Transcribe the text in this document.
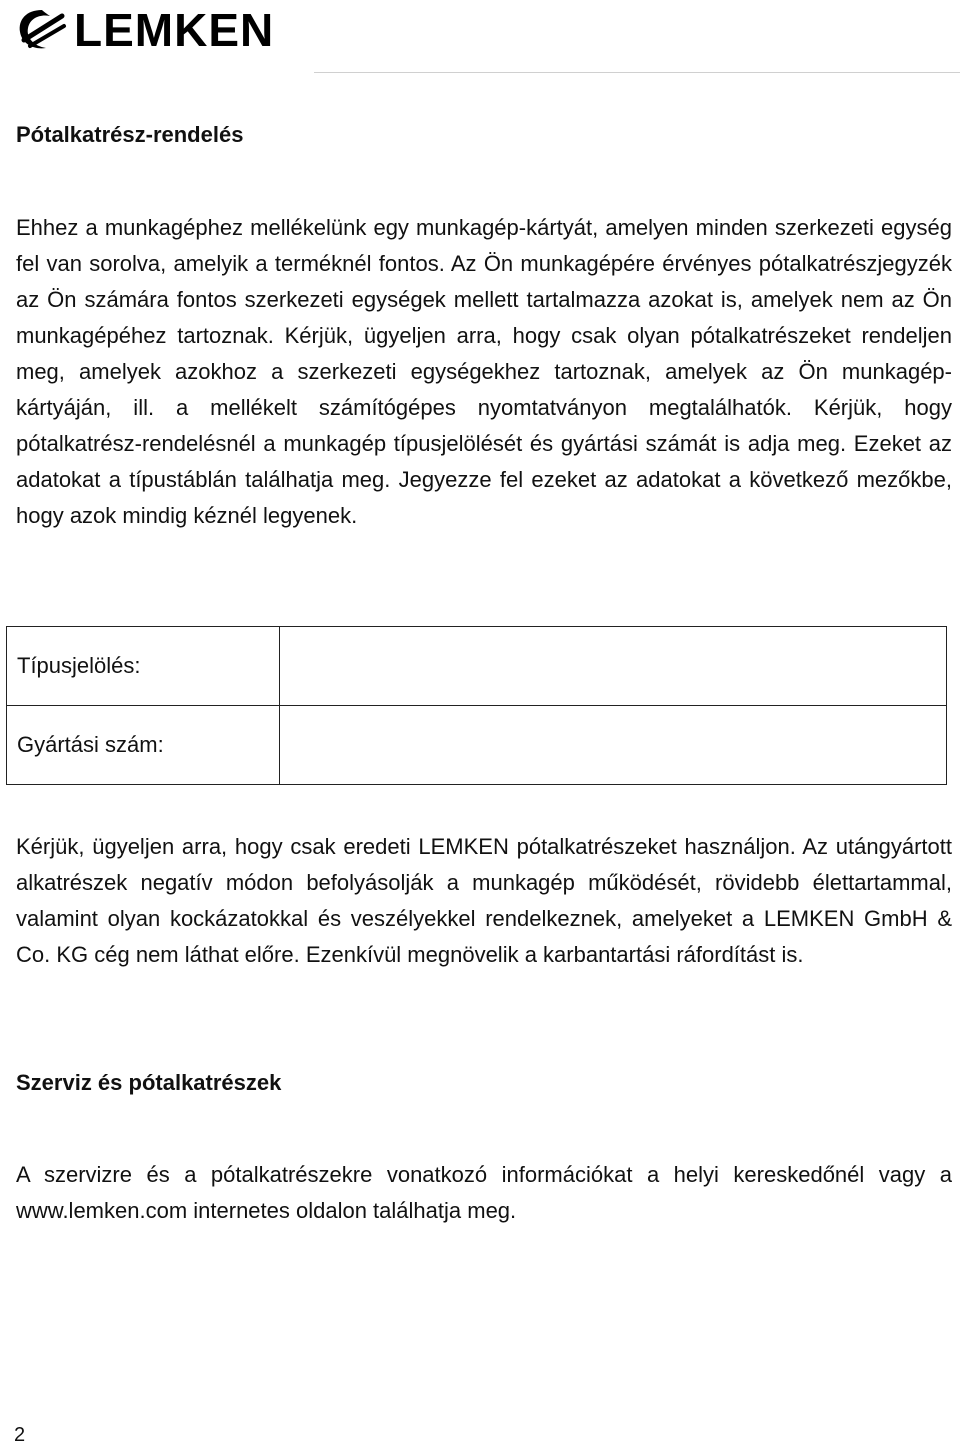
LEMKEN
Pótalkatrész-rendelés

Ehhez a munkagéphez mellékelünk egy munkagép-kártyát, amelyen minden szerkezeti egység fel van sorolva, amelyik a terméknél fontos. Az Ön munkagépére érvényes pótalkatrészjegyzék az Ön számára fontos szerkezeti egységek mellett tartalmazza azokat is, amelyek nem az Ön munkagépéhez tartoznak. Kérjük, ügyeljen arra, hogy csak olyan pótalkatrészeket rendeljen meg, amelyek azokhoz a szerkezeti egységekhez tartoznak, amelyek az Ön munkagép-kártyáján, ill. a mellékelt számítógépes nyomtatványon megtalálhatók. Kérjük, hogy pótalkatrész-rendelésnél a munkagép típusjelölését és gyártási számát is adja meg. Ezeket az adatokat a típustáblán találhatja meg. Jegyezze fel ezeket az adatokat a következő mezőkbe, hogy azok mindig kéznél legyenek.

Típusjelölés:	
Gyártási szám:	

Kérjük, ügyeljen arra, hogy csak eredeti LEMKEN pótalkatrészeket használjon. Az utángyártott alkatrészek negatív módon befolyásolják a munkagép működését, rövidebb élettartammal, valamint olyan kockázatokkal és veszélyekkel rendelkeznek, amelyeket a LEMKEN GmbH & Co. KG cég nem láthat előre. Ezenkívül megnövelik a karbantartási ráfordítást is.

Szerviz és pótalkatrészek

A szervizre és a pótalkatrészekre vonatkozó információkat a helyi kereskedőnél vagy a www.lemken.com internetes oldalon találhatja meg.

2
